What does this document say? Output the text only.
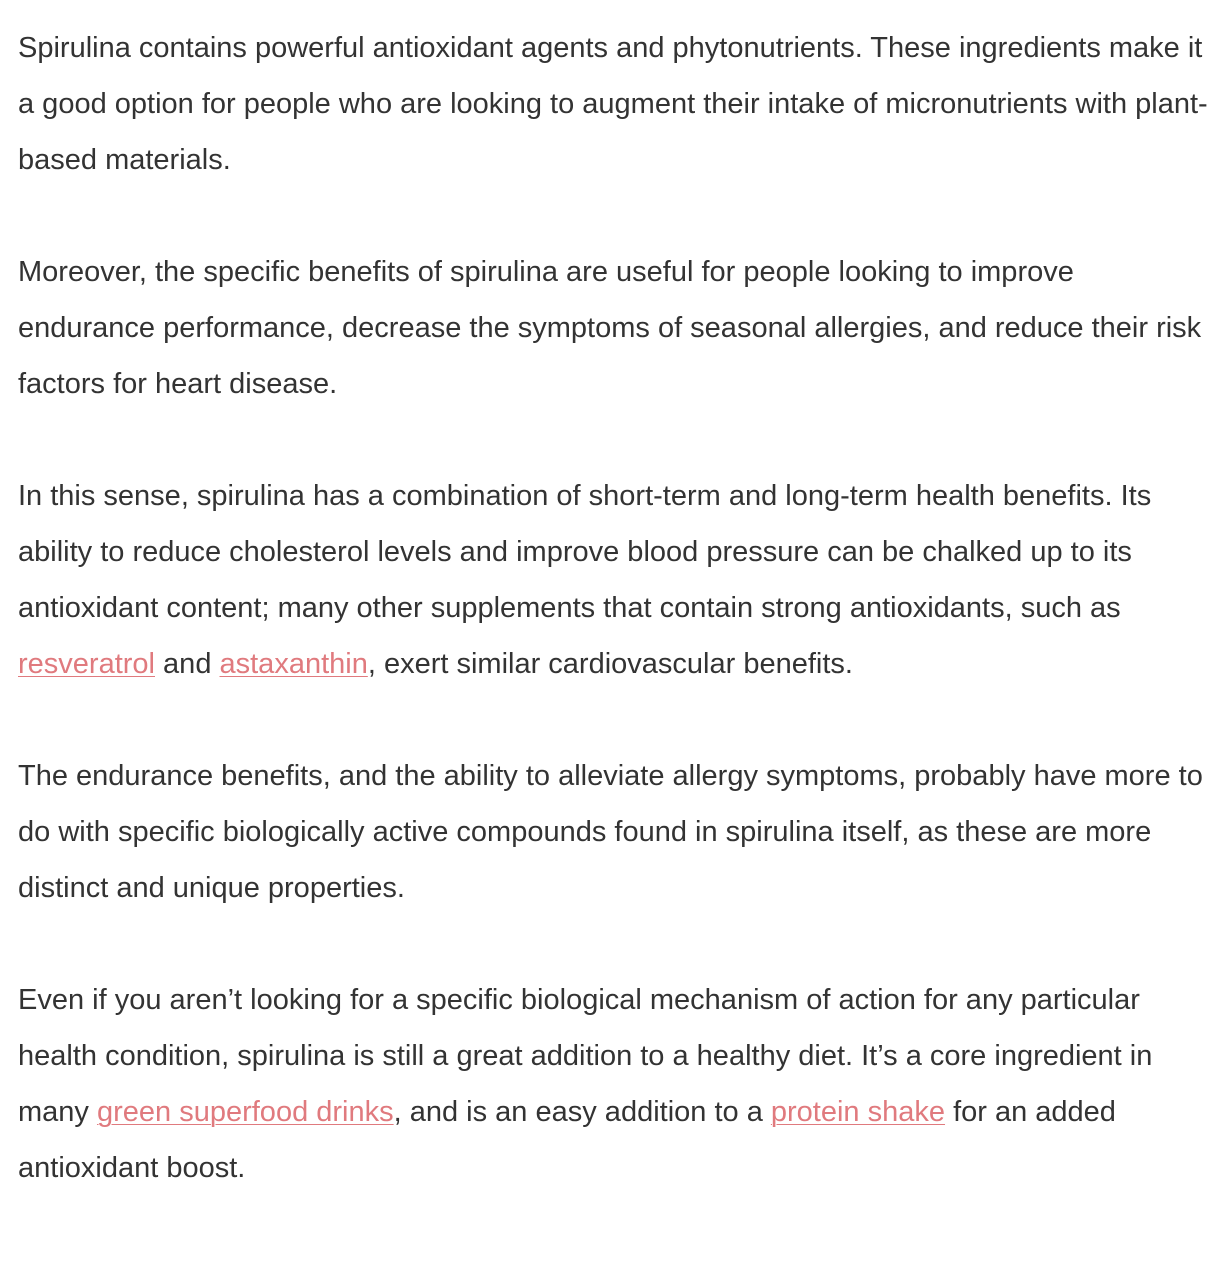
Spirulina contains powerful antioxidant agents and phytonutrients. These ingredients make it a good option for people who are looking to augment their intake of micronutrients with plant-based materials.

Moreover, the specific benefits of spirulina are useful for people looking to improve endurance performance, decrease the symptoms of seasonal allergies, and reduce their risk factors for heart disease.

In this sense, spirulina has a combination of short-term and long-term health benefits. Its ability to reduce cholesterol levels and improve blood pressure can be chalked up to its antioxidant content; many other supplements that contain strong antioxidants, such as resveratrol and astaxanthin, exert similar cardiovascular benefits.

The endurance benefits, and the ability to alleviate allergy symptoms, probably have more to do with specific biologically active compounds found in spirulina itself, as these are more distinct and unique properties.

Even if you aren’t looking for a specific biological mechanism of action for any particular health condition, spirulina is still a great addition to a healthy diet. It’s a core ingredient in many green superfood drinks, and is an easy addition to a protein shake for an added antioxidant boost.
